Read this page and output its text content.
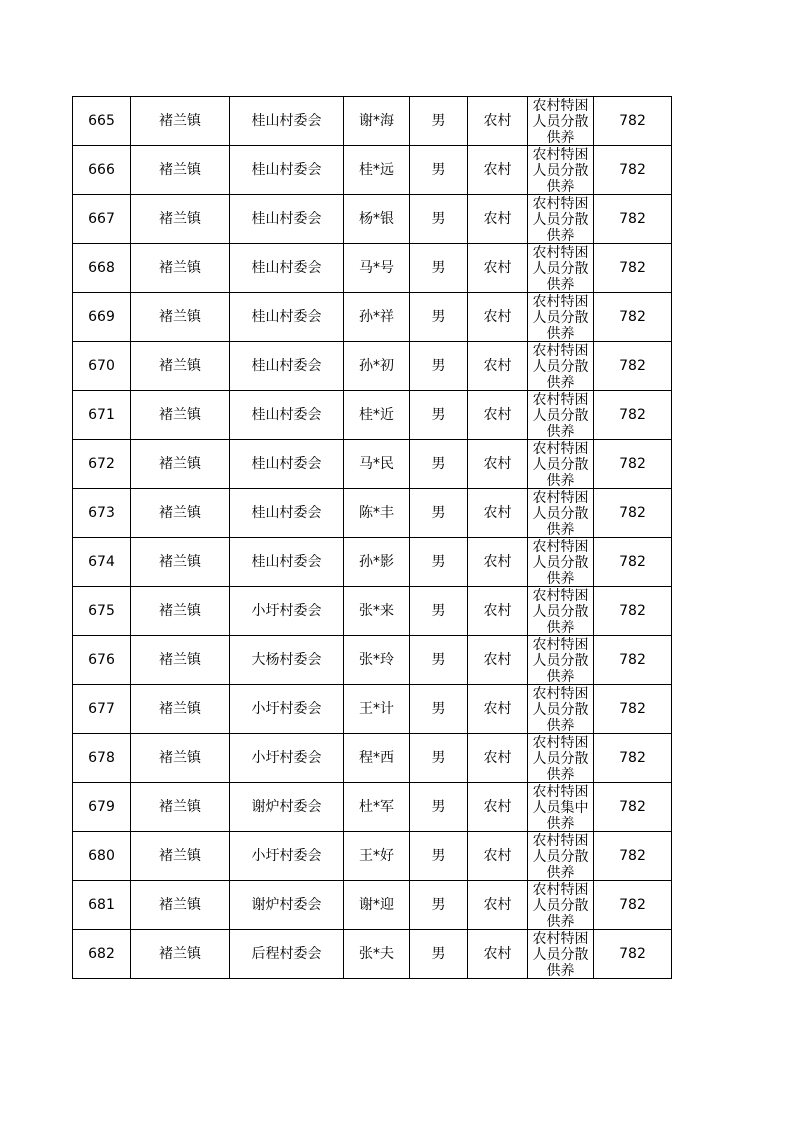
665	褚兰镇	桂山村委会	谢*海	男	农村	农村特困人员分散供养	782
666	褚兰镇	桂山村委会	桂*远	男	农村	农村特困人员分散供养	782
667	褚兰镇	桂山村委会	杨*银	男	农村	农村特困人员分散供养	782
668	褚兰镇	桂山村委会	马*号	男	农村	农村特困人员分散供养	782
669	褚兰镇	桂山村委会	孙*祥	男	农村	农村特困人员分散供养	782
670	褚兰镇	桂山村委会	孙*初	男	农村	农村特困人员分散供养	782
671	褚兰镇	桂山村委会	桂*近	男	农村	农村特困人员分散供养	782
672	褚兰镇	桂山村委会	马*民	男	农村	农村特困人员分散供养	782
673	褚兰镇	桂山村委会	陈*丰	男	农村	农村特困人员分散供养	782
674	褚兰镇	桂山村委会	孙*影	男	农村	农村特困人员分散供养	782
675	褚兰镇	小圩村委会	张*来	男	农村	农村特困人员分散供养	782
676	褚兰镇	大杨村委会	张*玲	男	农村	农村特困人员分散供养	782
677	褚兰镇	小圩村委会	王*计	男	农村	农村特困人员分散供养	782
678	褚兰镇	小圩村委会	程*西	男	农村	农村特困人员分散供养	782
679	褚兰镇	谢炉村委会	杜*军	男	农村	农村特困人员集中供养	782
680	褚兰镇	小圩村委会	王*好	男	农村	农村特困人员分散供养	782
681	褚兰镇	谢炉村委会	谢*迎	男	农村	农村特困人员分散供养	782
682	褚兰镇	后程村委会	张*夫	男	农村	农村特困人员分散供养	782
